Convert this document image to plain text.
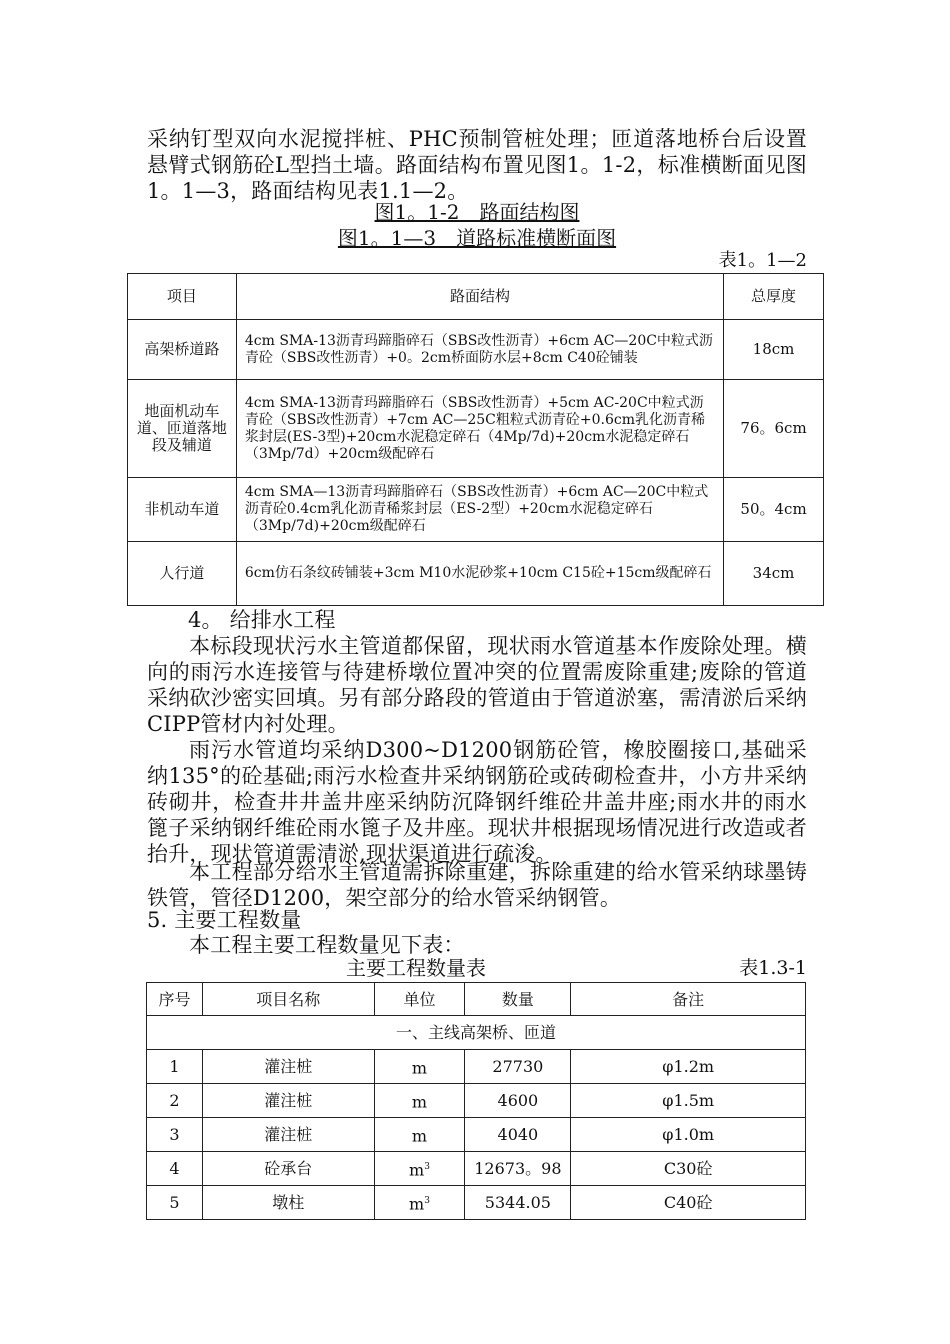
采纳钉型双向水泥搅拌桩、PHC预制管桩处理；匝道落地桥台后设置悬臂式钢筋砼L型挡土墙。路面结构布置见图1。1-2，标准横断面见图1。1—3，路面结构见表1.1—2。
图1。1-2　路面结构图
图1。1—3　道路标准横断面图
表1。1—2
项目	路面结构	总厚度
高架桥道路	4cm SMA-13沥青玛蹄脂碎石（SBS改性沥青）+6cm AC—20C中粒式沥青砼（SBS改性沥青）+0。2cm桥面防水层+8cm C40砼铺装	18cm
地面机动车道、匝道落地段及辅道	4cm SMA-13沥青玛蹄脂碎石（SBS改性沥青）+5cm AC-20C中粒式沥青砼（SBS改性沥青）+7cm AC—25C粗粒式沥青砼+0.6cm乳化沥青稀浆封层(ES-3型)+20cm水泥稳定碎石（4Mp/7d)+20cm水泥稳定碎石（3Mp/7d）+20cm级配碎石	76。6cm
非机动车道	4cm SMA—13沥青玛蹄脂碎石（SBS改性沥青）+6cm AC—20C中粒式沥青砼0.4cm乳化沥青稀浆封层（ES-2型）+20cm水泥稳定碎石（3Mp/7d)+20cm级配碎石	50。4cm
人行道	6cm仿石条纹砖铺装+3cm M10水泥砂浆+10cm C15砼+15cm级配碎石	34cm
4。 给排水工程
本标段现状污水主管道都保留，现状雨水管道基本作废除处理。横向的雨污水连接管与待建桥墩位置冲突的位置需废除重建;废除的管道采纳砍沙密实回填。另有部分路段的管道由于管道淤塞，需清淤后采纳CIPP管材内衬处理。
雨污水管道均采纳D300~D1200钢筋砼管，橡胶圈接口,基础采纳135°的砼基础;雨污水检查井采纳钢筋砼或砖砌检查井，小方井采纳砖砌井，检查井井盖井座采纳防沉降钢纤维砼井盖井座;雨水井的雨水篦子采纳钢纤维砼雨水篦子及井座。现状井根据现场情况进行改造或者抬升，现状管道需清淤,现状渠道进行疏浚。
本工程部分给水主管道需拆除重建，拆除重建的给水管采纳球墨铸铁管，管径D1200，架空部分的给水管采纳钢管。
5. 主要工程数量
本工程主要工程数量见下表：
主要工程数量表	表1.3-1
序号	项目名称	单位	数量	备注
一、主线高架桥、匝道				
1	灌注桩	m	27730	φ1.2m
2	灌注桩	m	4600	φ1.5m
3	灌注桩	m	4040	φ1.0m
4	砼承台	$m^3$	12673。98	C30砼
5	墩柱	$m^3$	5344.05	C40砼
